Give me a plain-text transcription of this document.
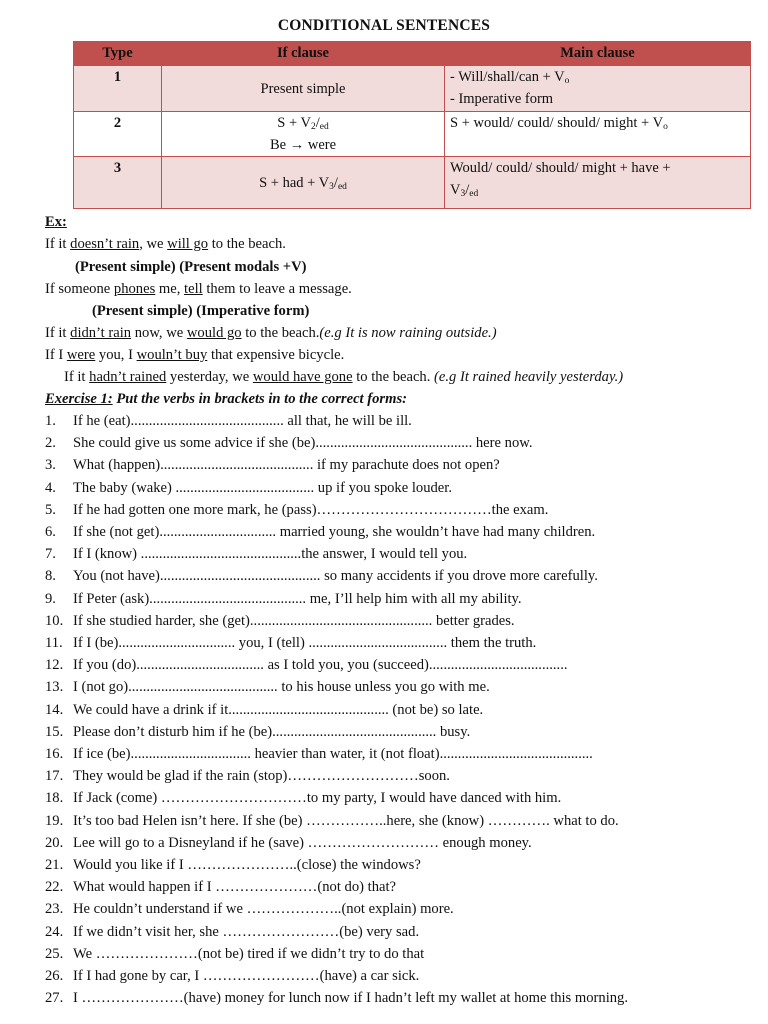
CONDITIONAL SENTENCES
Type	If clause	Main clause
1	Present simple	- Will/shall/can + $V_o$
- Imperative form

2	$S + V_2/_{ed}$
Be → were	S + would/ could/ should/ might + $V_o$

3	S + had + $V_3/_{ed}$	Would/ could/ should/ might + have +
$V_3/_{ed}$
Ex:
If it doesn’t rain, we will go to the beach.
(Present simple) (Present modals +V)
If someone phones me, tell them to leave a message.
(Present simple) (Imperative form)
If it didn’t rain now, we would go to the beach.(e.g It is now raining outside.)
If I were you, I wouln’t buy that expensive bicycle.
If it hadn’t rained yesterday, we would have gone to the beach. (e.g It rained heavily yesterday.)
Exercise 1: Put the verbs in brackets in to the correct forms:
1. If he (eat).......................................... all that, he will be ill.
2. She could give us some advice if she (be)........................................... here now.
3. What (happen).......................................... if my parachute does not open?
4. The baby (wake) ...................................... up if you spoke louder.
5. If he had gotten one more mark, he (pass)………………………………the exam.
6. If she (not get)................................ married young, she wouldn’t have had many children.
7. If I (know) ............................................the answer, I would tell you.
8. You (not have)............................................ so many accidents if you drove more carefully.
9. If Peter (ask)........................................... me, I’ll help him with all my ability.
10. If she studied harder, she (get).................................................. better grades.
11. If I (be)................................ you, I (tell) ...................................... them the truth.
12. If you (do)................................... as I told you, you (succeed)......................................
13. I (not go)......................................... to his house unless you go with me.
14. We could have a drink if it............................................ (not be) so late.
15. Please don’t disturb him if he (be)............................................. busy.
16. If ice (be)................................. heavier than water, it (not float)..........................................
17. They would be glad if the rain (stop)………………………soon.
18. If Jack (come) …………………………to my party, I would have danced with him.
19. It’s too bad Helen isn’t here. If she (be) ……………..here, she (know) …………. what to do.
20. Lee will go to a Disneyland if he (save) ……………………… enough money.
21. Would you like if I …………………..(close) the windows?
22. What would happen if I …………………(not do) that?
23. He couldn’t understand if we ………………..(not explain) more.
24. If we didn’t visit her, she ……………………(be) very sad.
25. We …………………(not be) tired if we didn’t try to do that
26. If I had gone by car, I ……………………(have) a car sick.
27. I …………………(have) money for lunch now if I hadn’t left my wallet at home this morning.
